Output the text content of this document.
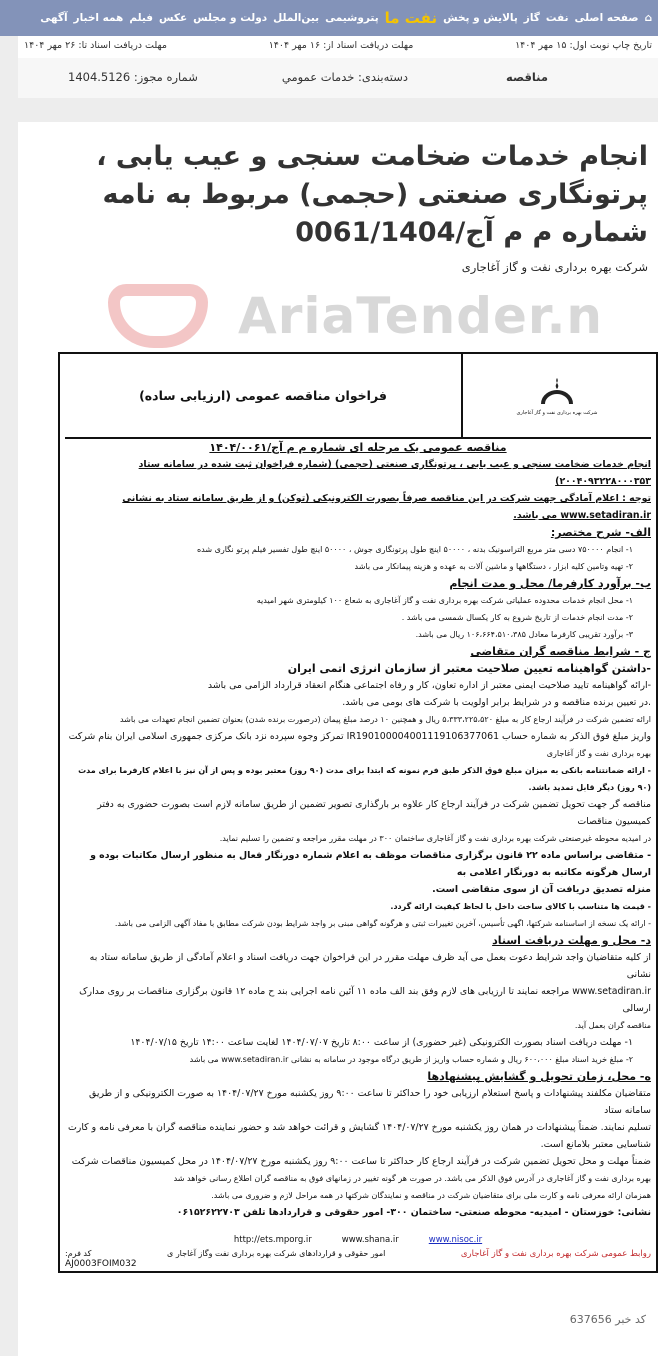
⌂
صفحه اصلی
نفت
گاز
پالایش و پخش
نفت ما
پتروشیمی
بین‌الملل
دولت و مجلس
عکس
فیلم
همه اخبار
آگهی
تاریخ چاپ نوبت اول: ۱۵ مهر ۱۴۰۴
مهلت دریافت اسناد از: ۱۶ مهر ۱۴۰۴
مهلت دریافت اسناد تا: ۲۶ مهر ۱۴۰۴
مناقصه
دسته‌بندی: خدمات عمومي
شماره مجوز: 1404.5126
انجام خدمات ضخامت سنجی و عیب یابی ، پرتونگاری صنعتی (حجمی) مربوط به نامه شماره م م آج/0061/1404
شرکت بهره برداری نفت و گاز آغاجاری
AriaTender.n
شرکت بهره برداری نفت و گاز آغاجاری
فراخوان مناقصه عمومی (ارزیابی ساده)
مناقصه عمومی یک مرحله ای شماره م م آج/۱۴۰۴/۰۰۶۱
انجام خدمات ضخامت سنجی و عیب یابی ، پرتونگاری صنعتی (حجمی) (شماره فراخوان ثبت شده در سامانه ستاد ۲۰۰۴۰۹۳۲۲۸۰۰۰۳۵۳)
توجه : اعلام آمادگی جهت شرکت در این مناقصه صرفاً بصورت الکترونیکی (توکن) و از طریق سامانه ستاد به نشانی www.setadiran.ir می باشد.
الف- شرح مختصر:
۱- انجام ۷۵۰۰۰۰ دسی متر مربع التراسونیک بدنه ، ۵۰۰۰۰ اینچ طول پرتونگاری جوش ، ۵۰۰۰۰ اینچ طول تفسیر فیلم پرتو نگاری شده
۲- تهیه وتامین کلیه ابزار ، دستگاهها و ماشین آلات به عهده و هزینه پیمانکار می باشد
ب- برآورد کارفرما/ محل و مدت انجام
۱- محل انجام خدمات محدوده عملیاتی شرکت بهره برداری نفت و گاز آغاجاری به شعاع ۱۰۰ کیلومتری شهر امیدیه
۲- مدت انجام خدمات از تاریخ شروع به کار یکسال شمسی می باشد .
۳- برآورد تقریبی کارفرما معادل ۱۰۶،۶۶۴،۵۱۰،۳۸۵ ریال می باشد.
ج - شرایط مناقصه گران متقاضی
-داشتن گواهینامه تعیین صلاحیت معتبر از سازمان انرژی اتمی ایران
-ارائه گواهینامه تایید صلاحیت ایمنی معتبر از اداره تعاون، کار و رفاه اجتماعی هنگام انعقاد قرارداد الزامی می باشد
.در تعیین برنده مناقصه و در شرایط برابر اولویت با شرکت های بومی می باشد.
ارائه تضمین شرکت در فرآیند ارجاع کار به مبلغ ۵،۳۳۳،۲۲۵،۵۲۰ ریال و همچنین ۱۰ درصد مبلغ پیمان (درصورت برنده شدن) بعنوان تضمین انجام تعهدات می باشد
واریز مبلغ فوق الذکر به شماره حساب IR190100004001119106377061 تمرکز وجوه سپرده نزد بانک مرکزی جمهوری اسلامی ایران بنام شرکت
بهره برداری نفت و گاز آغاجاری
- ارائه ضمانتنامه بانکی به میزان مبلغ فوق الذکر طبق فرم نمونه که ابتدا برای مدت (۹۰ روز) معتبر بوده و پس از آن نیز با اعلام کارفرما برای مدت (۹۰ روز) دیگر قابل تمدید باشد.
مناقصه گر جهت تحویل تضمین شرکت در فرآیند ارجاع کار علاوه بر بارگذاری تصویر تضمین از طریق سامانه لازم است بصورت حضوری به دفتر کمیسیون مناقصات
در امیدیه محوطه غیرصنعتی شرکت بهره برداری نفت و گاز آغاجاری ساختمان ۳۰۰ در مهلت مقرر مراجعه و تضمین را تسلیم نماید.
- متقاضی براساس ماده ۲۲ قانون برگزاری مناقصات موظف به اعلام شماره دورنگار فعال به منظور ارسال مکاتبات بوده و ارسال هرگونه مکاتبه به دورنگار اعلامی به
منزله تصدیق دریافت آن از سوی متقاضی است.
- قیمت ها متناسب با کالای ساخت داخل با لحاظ کیفیت ارائه گردد.
- ارائه یک نسخه از اساسنامه شرکتها، اگهی تأسیس، آخرین تغییرات ثبتی و هرگونه گواهی مبنی بر واجد شرایط بودن شرکت مطابق با مفاد آگهی الزامی می باشد.
د- محل و مهلت دریافت اسناد
از کلیه متقاضیان واجد شرایط دعوت بعمل می آید ظرف مهلت مقرر در این فراخوان جهت دریافت اسناد و اعلام آمادگی از طریق سامانه ستاد به نشانی
www.setadiran.ir مراجعه نمایند تا ارزیابی های لازم وفق بند الف ماده ۱۱ آئین نامه اجرایی بند ح ماده ۱۲ قانون برگزاری مناقصات بر روی مدارک ارسالی
مناقصه گران بعمل آید.
۱- مهلت دریافت اسناد بصورت الکترونیکی (غیر حضوری) از ساعت ۸:۰۰ تاریخ ۱۴۰۴/۰۷/۰۷ لغایت ساعت ۱۴:۰۰ تاریخ ۱۴۰۴/۰۷/۱۵
۲- مبلغ خرید اسناد مبلغ ۶۰۰،۰۰۰ ریال و شماره حساب واریز از طریق درگاه موجود در سامانه به نشانی www.setadiran.ir می باشد
ه- محل، زمان تحویل و گشایش پیشنهادها
متقاضیان مکلفند پیشنهادات و پاسخ استعلام ارزیابی خود را حداکثر تا ساعت ۹:۰۰ روز یکشنبه مورخ ۱۴۰۴/۰۷/۲۷ به صورت الکترونیکی و از طریق سامانه ستاد
تسلیم نمایند. ضمناً پیشنهادات در همان روز یکشنبه مورخ ۱۴۰۴/۰۷/۲۷ گشایش و قرائت خواهد شد و حضور نماینده مناقصه گران با معرفی نامه و کارت
شناسایی معتبر بلامانع است.
ضمناً مهلت و محل تحویل تضمین شرکت در فرآیند ارجاع کار حداکثر تا ساعت ۹:۰۰ روز یکشنبه مورخ ۱۴۰۴/۰۷/۲۷ در محل کمیسیون مناقصات شرکت
بهره برداری نفت و گاز آغاجاری در آدرس فوق الذکر می باشد. در صورت هر گونه تغییر در زمانهای فوق به مناقصه گران اطلاع رسانی خواهد شد
همزمان ارائه معرفی نامه و کارت ملی برای متقاضیان شرکت در مناقصه و نمایندگان شرکتها در همه مراحل لازم و ضروری می باشد.
نشانی: خوزستان - امیدیه- محوطه صنعتی- ساختمان ۳۰۰- امور حقوقی و قراردادها تلفن ۰۶۱۵۲۶۲۲۷۰۳
http://ets.mporg.ir	www.shana.ir	www.nisoc.ir
روابط عمومی شرکت بهره برداری نفت و گاز آغاجاری
امور حقوقی و قراردادهای شرکت بهره برداری نفت وگاز آغاجار ی
کد فرم:
AJ0003FOIM032
کد خبر 637656
